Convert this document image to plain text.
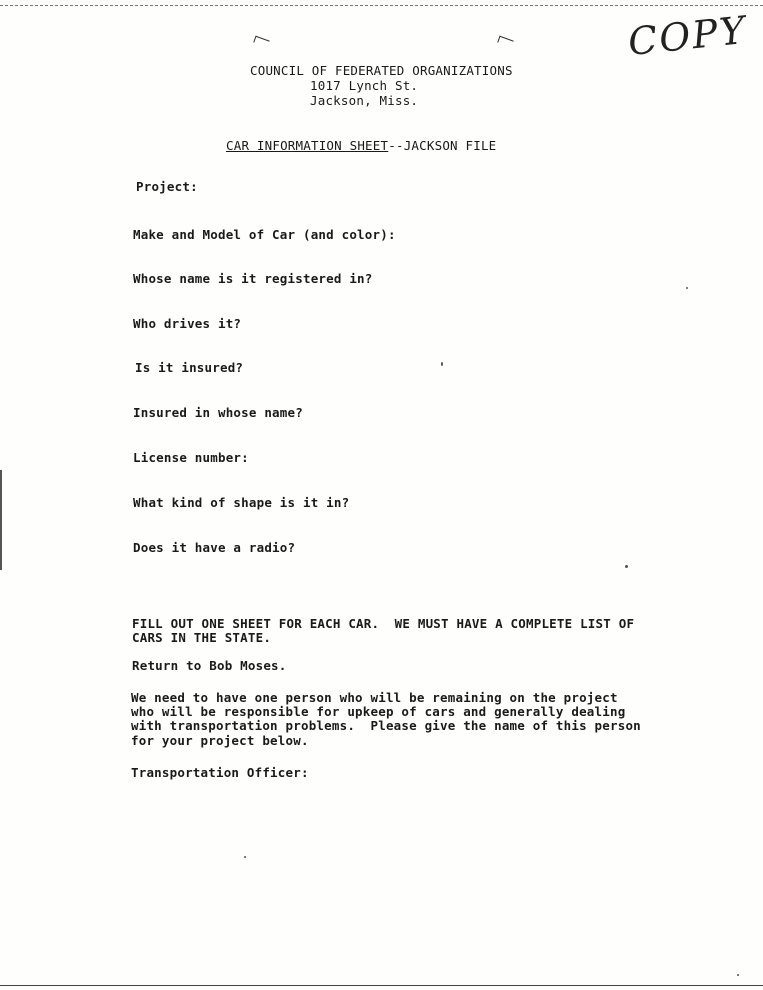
COPY
COUNCIL OF FEDERATED ORGANIZATIONS
1017 Lynch St.
Jackson, Miss.
CAR INFORMATION SHEET--JACKSON FILE
Project:
Make and Model of Car (and color):
Whose name is it registered in?
Who drives it?
Is it insured?
Insured in whose name?
License number:
What kind of shape is it in?
Does it have a radio?
FILL OUT ONE SHEET FOR EACH CAR.  WE MUST HAVE A COMPLETE LIST OF
CARS IN THE STATE.
Return to Bob Moses.
We need to have one person who will be remaining on the project
who will be responsible for upkeep of cars and generally dealing
with transportation problems.  Please give the name of this person
for your project below.
Transportation Officer:
